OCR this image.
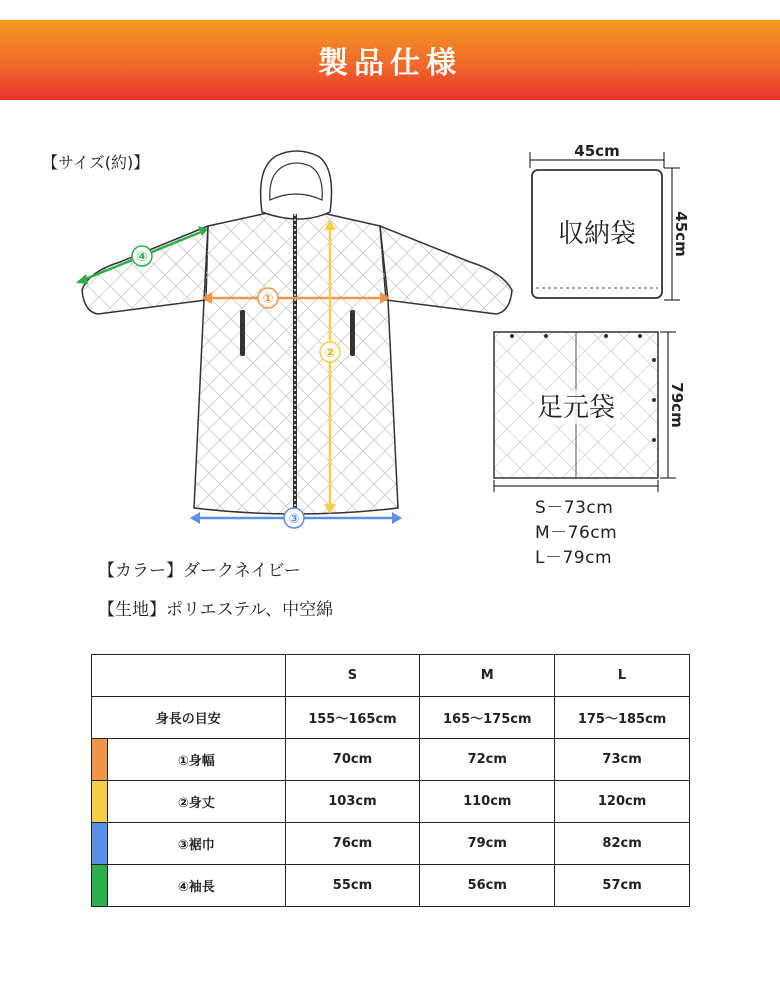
製品仕様
【サイズ(約)】
④
①
②
③
収納袋
45cm
45cm
足元袋	79cm
S－73cm
M－76cm
L－79cm
【カラー】ダークネイビー
【生地】ポリエステル、中空綿
		S	M	L
身長の目安		155～165cm	165～175cm	175～185cm
	①身幅	70cm	72cm	73cm
	②身丈	103cm	110cm	120cm
	③裾巾	76cm	79cm	82cm
	④袖長	55cm	56cm	57cm
